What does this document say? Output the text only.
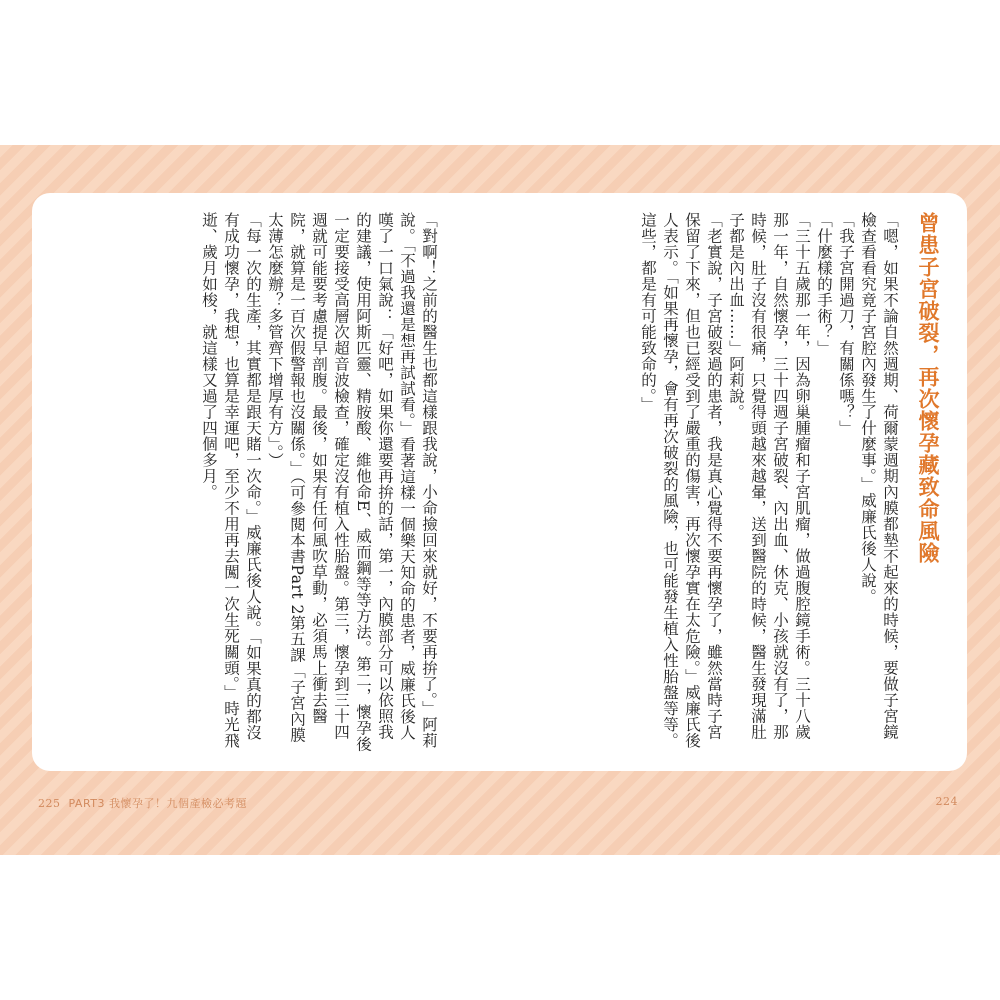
曾患子宮破裂，再次懷孕藏致命風險

「嗯，如果不論自然週期、荷爾蒙週期內膜都墊不起來的時候，要做子宮鏡檢查看看究竟子宮腔內發生了什麼事。」威廉氏後人說。

「我子宮開過刀，有關係嗎？」

「什麼樣的手術？」

「三十五歲那一年，因為卵巢腫瘤和子宮肌瘤，做過腹腔鏡手術。三十八歲那一年，自然懷孕，三十四週子宮破裂、內出血、休克、小孩就沒有了，那時候，肚子沒有很痛，只覺得頭越來越暈，送到醫院的時候，醫生發現滿肚子都是內出血……」阿莉說。

「老實說，子宮破裂過的患者，我是真心覺得不要再懷孕了，雖然當時子宮保留了下來，但也已經受到了嚴重的傷害，再次懷孕實在太危險。」威廉氏後人表示。「如果再懷孕，會有再次破裂的風險，也可能發生植入性胎盤等等。這些，都是有可能致命的。」

「對啊！之前的醫生也都這樣跟我說，小命撿回來就好，不要再拚了。」阿莉說。「不過我還是想再試試看。」看著這樣一個樂天知命的患者，威廉氏後人嘆了一口氣說：「好吧，如果你還要再拚的話，第一，內膜部分可以依照我的建議，使用阿斯匹靈、精胺酸、維他命E、威而鋼等等方法。第二，懷孕後一定要接受高層次超音波檢查，確定沒有植入性胎盤。第三，懷孕到三十四週就可能要考慮提早剖腹。最後，如果有任何風吹草動，必須馬上衝去醫院，就算是一百次假警報也沒關係。」（可參閱本書Part 2第五課「子宮內膜太薄怎麼辦？多管齊下增厚有方」。）

「每一次的生產，其實都是跟天賭一次命。」威廉氏後人說。「如果真的都沒有成功懷孕，我想，也算是幸運吧，至少不用再去闖一次生死關頭。」時光飛逝、歲月如梭，就這樣又過了四個多月。

225 PART3 我懷孕了！九個產檢必考題	224
